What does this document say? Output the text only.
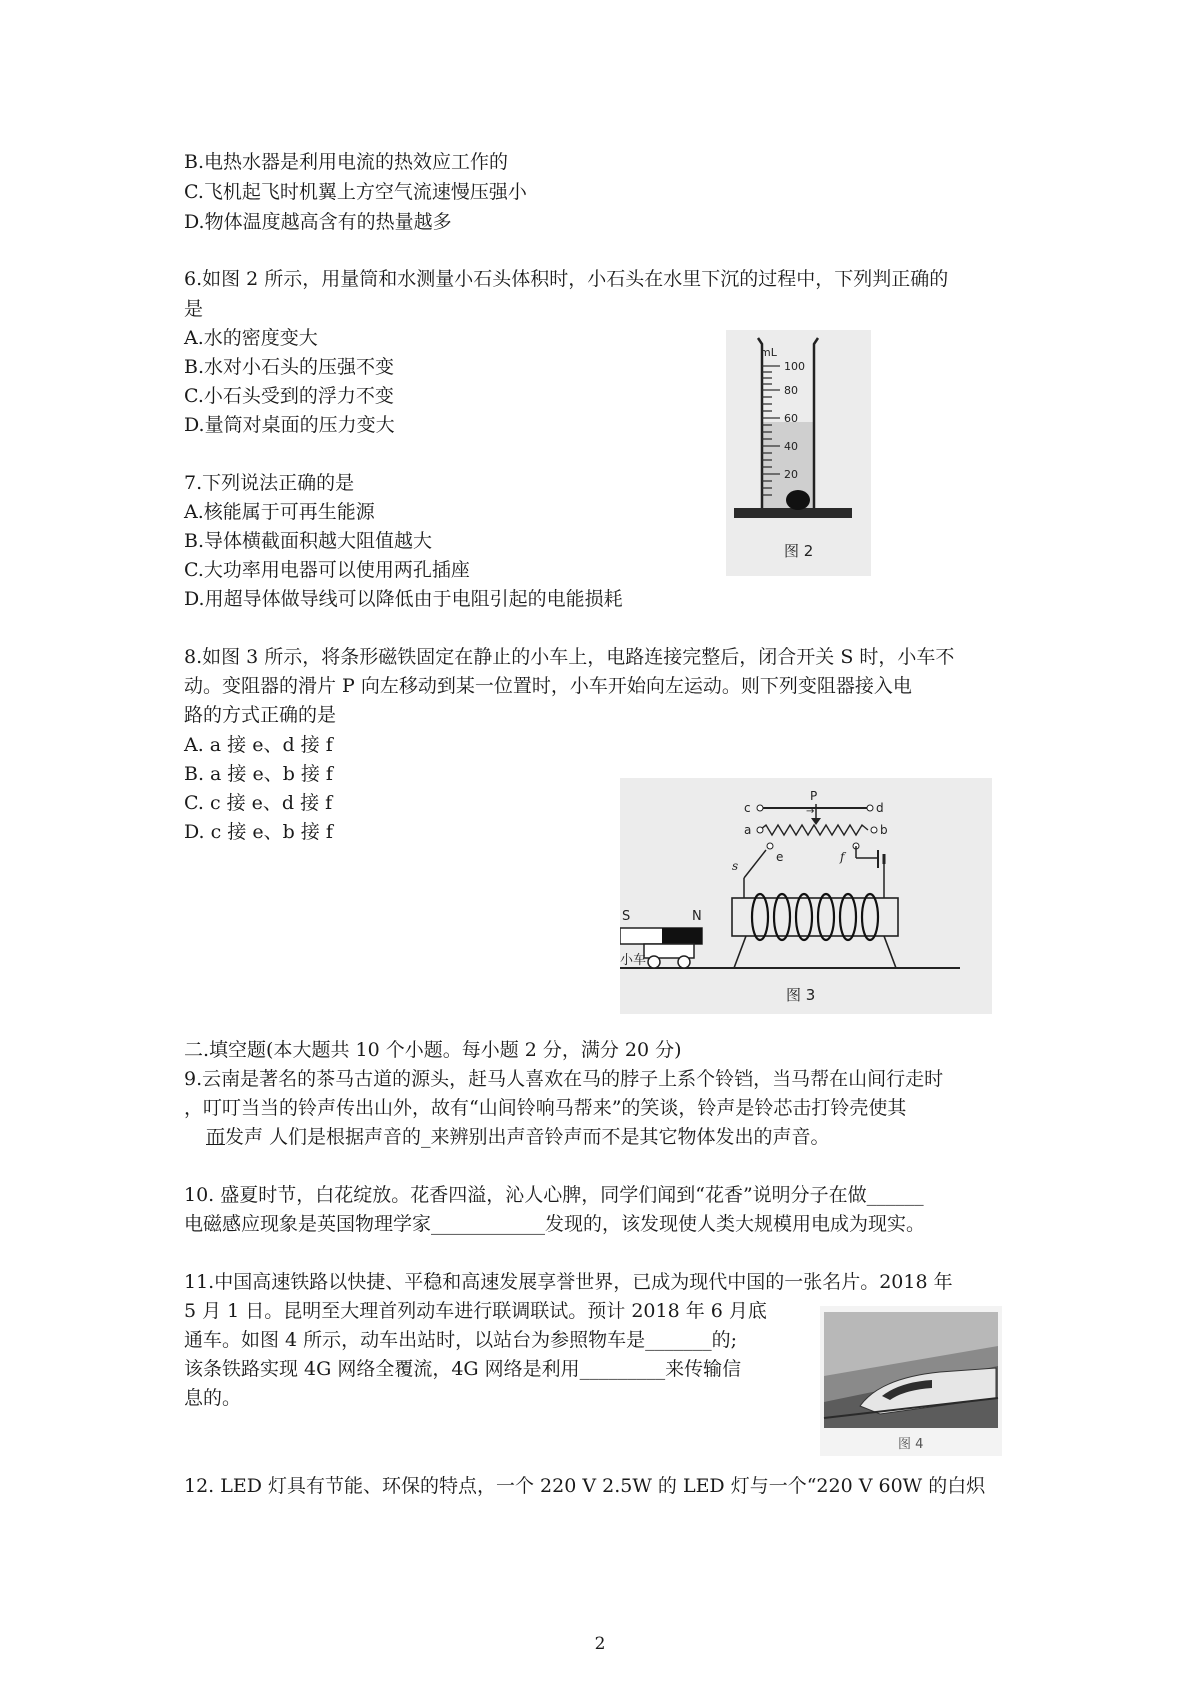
B.电热水器是利用电流的热效应工作的
C.飞机起飞时机翼上方空气流速慢压强小
D.物体温度越高含有的热量越多
6.如图 2 所示，用量筒和水测量小石头体积时，小石头在水里下沉的过程中，下列判正确的
是
A.水的密度变大
B.水对小石头的压强不变
C.小石头受到的浮力不变
D.量筒对桌面的压力变大
mL
100
80
60
40
20
图 2
7.下列说法正确的是
A.核能属于可再生能源
B.导体横截面积越大阻值越大
C.大功率用电器可以使用两孔插座
D.用超导体做导线可以降低由于电阻引起的电能损耗
8.如图 3 所示，将条形磁铁固定在静止的小车上，电路连接完整后，闭合开关 S 时，小车不
动。变阻器的滑片 P 向左移动到某一位置时，小车开始向左运动。则下列变阻器接入电
路的方式正确的是
A. a 接 e、d 接 f
B. a 接 e、b 接 f
C. c 接 e、d 接 f
D. c 接 e、b 接 f
P
→
c	d
a	b
e	f
s
S	N
小车
图 3
二.填空题(本大题共 10 个小题。每小题 2 分，满分 20 分)
9.云南是著名的茶马古道的源头，赶马人喜欢在马的脖子上系个铃铛，当马帮在山间行走时
，叮叮当当的铃声传出山外，故有“山间铃响马帮来”的笑谈，铃声是铃芯击打铃壳使其
而发声 人们是根据声音的_来辨别出声音铃声而不是其它物体发出的声音。
10. 盛夏时节，白花绽放。花香四溢，沁人心脾，同学们闻到“花香”说明分子在做______
电磁感应现象是英国物理学家____________发现的，该发现使人类大规模用电成为现实。
11.中国高速铁路以快捷、平稳和高速发展享誉世界，已成为现代中国的一张名片。2018 年
5 月 1 日。昆明至大理首列动车进行联调联试。预计 2018 年 6 月底
通车。如图 4 所示，动车出站时，以站台为参照物车是_______的;
该条铁路实现 4G 网络全覆流，4G 网络是利用_________来传输信
息的。
图 4
12. LED 灯具有节能、环保的特点，一个 220 V 2.5W 的 LED 灯与一个“220 V 60W 的白炽
2
